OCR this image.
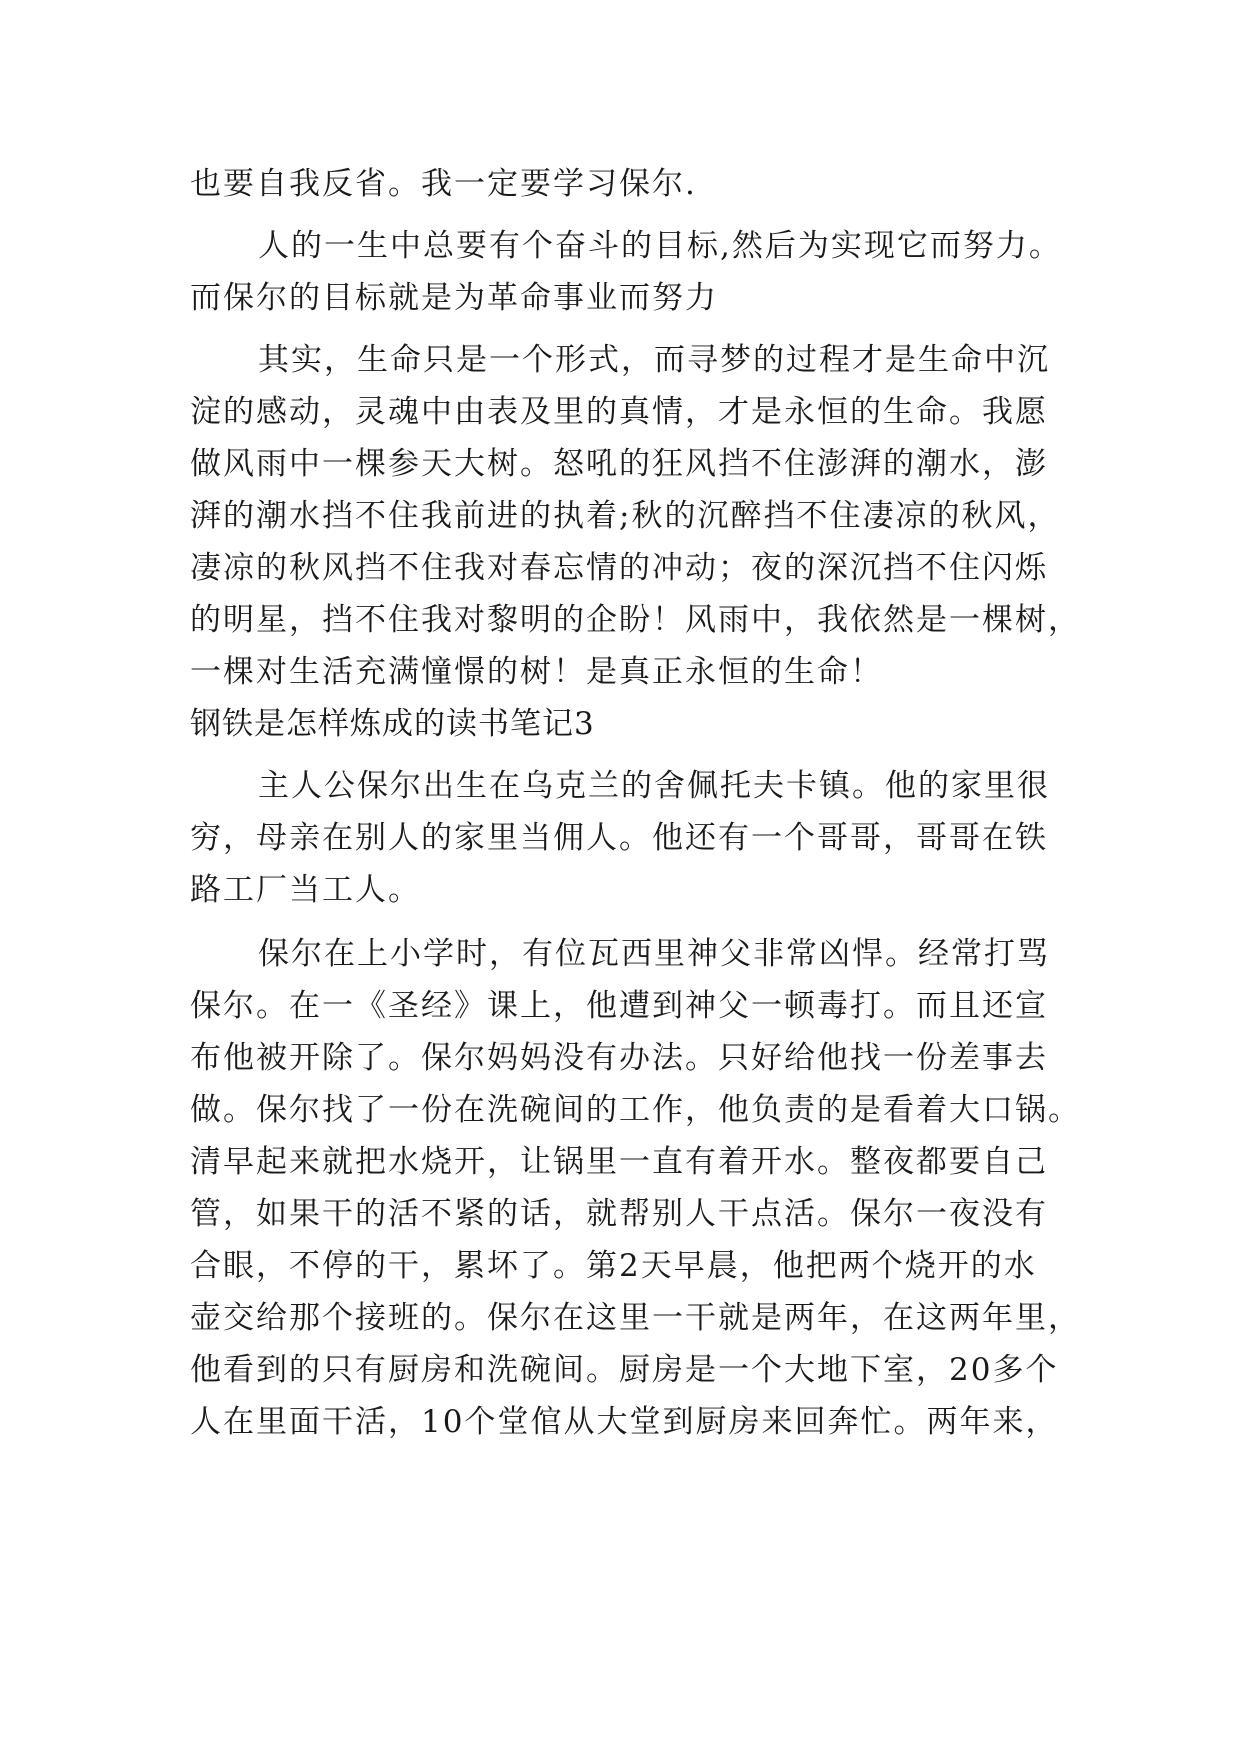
也要自我反省。我一定要学习保尔.
人的一生中总要有个奋斗的目标,然后为实现它而努力。
而保尔的目标就是为革命事业而努力
其实，生命只是一个形式，而寻梦的过程才是生命中沉
淀的感动，灵魂中由表及里的真情，才是永恒的生命。我愿
做风雨中一棵参天大树。怒吼的狂风挡不住澎湃的潮水，澎
湃的潮水挡不住我前进的执着;秋的沉醉挡不住凄凉的秋风，
凄凉的秋风挡不住我对春忘情的冲动；夜的深沉挡不住闪烁
的明星，挡不住我对黎明的企盼！风雨中，我依然是一棵树，
一棵对生活充满憧憬的树！是真正永恒的生命！
钢铁是怎样炼成的读书笔记3
主人公保尔出生在乌克兰的舍佩托夫卡镇。他的家里很
穷，母亲在别人的家里当佣人。他还有一个哥哥，哥哥在铁
路工厂当工人。
保尔在上小学时，有位瓦西里神父非常凶悍。经常打骂
保尔。在一《圣经》课上，他遭到神父一顿毒打。而且还宣
布他被开除了。保尔妈妈没有办法。只好给他找一份差事去
做。保尔找了一份在洗碗间的工作，他负责的是看着大口锅。
清早起来就把水烧开，让锅里一直有着开水。整夜都要自己
管，如果干的活不紧的话，就帮别人干点活。保尔一夜没有
合眼，不停的干，累坏了。第2天早晨，他把两个烧开的水
壶交给那个接班的。保尔在这里一干就是两年，在这两年里，
他看到的只有厨房和洗碗间。厨房是一个大地下室，20多个
人在里面干活，10个堂倌从大堂到厨房来回奔忙。两年来，
